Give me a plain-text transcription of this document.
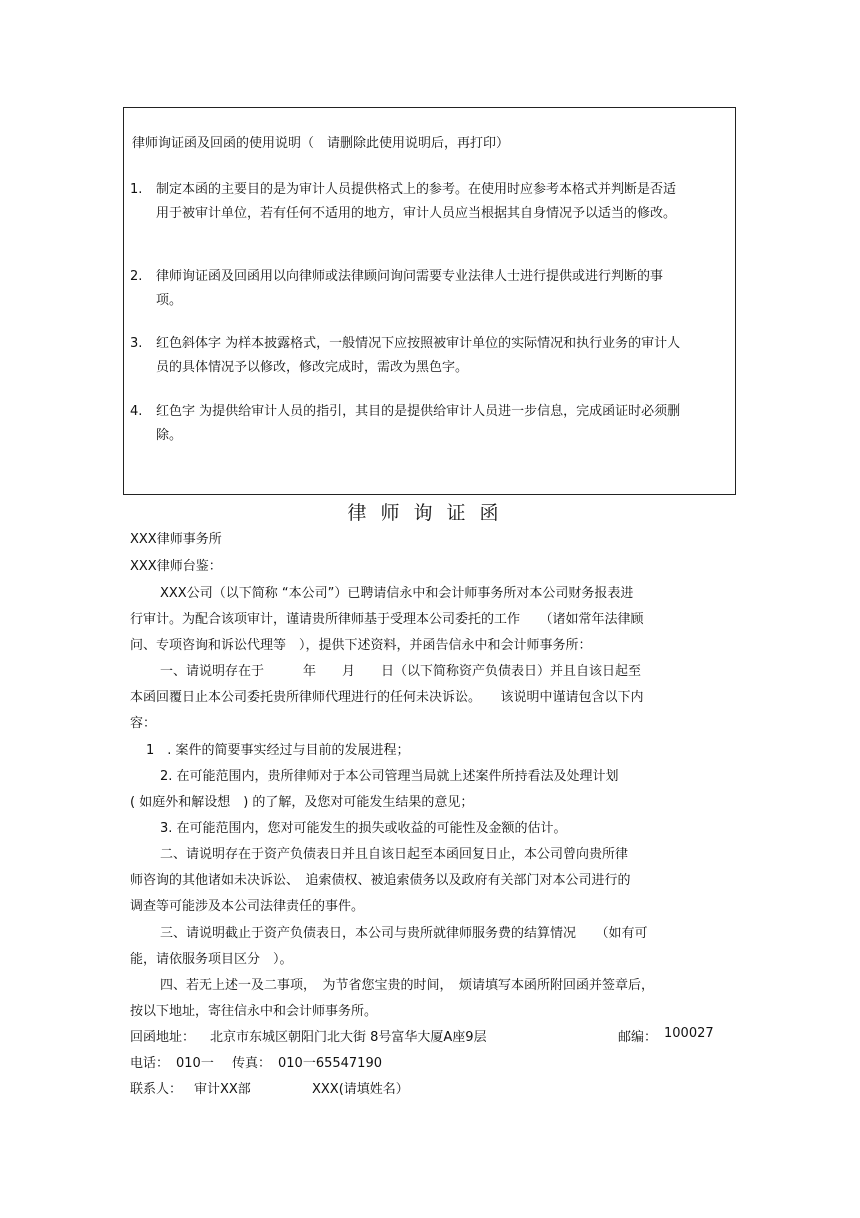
律师询证函及回函的使用说明（　请删除此使用说明后，再打印）
1. 制定本函的主要目的是为审计人员提供格式上的参考。在使用时应参考本格式并判断是否适用于被审计单位，若有任何不适用的地方，审计人员应当根据其自身情况予以适当的修改。
2. 律师询证函及回函用以向律师或法律顾问询问需要专业法律人士进行提供或进行判断的事项。
3. 红色斜体字 为样本披露格式，一般情况下应按照被审计单位的实际情况和执行业务的审计人员的具体情况予以修改，修改完成时，需改为黑色字。
4. 红色字 为提供给审计人员的指引，其目的是提供给审计人员进一步信息，完成函证时必须删除。
律师询证函
XXX律师事务所
XXX律师台鉴：
XXX公司（以下简称 “本公司”）已聘请信永中和会计师事务所对本公司财务报表进
行审计。为配合该项审计，谨请贵所律师基于受理本公司委托的工作　　（诸如常年法律顾
问、专项咨询和诉讼代理等　），提供下述资料，并函告信永中和会计师事务所：
一、请说明存在于　　　年　　月　　日（以下简称资产负债表日）并且自该日起至
本函回覆日止本公司委托贵所律师代理进行的任何未决诉讼。　　该说明中谨请包含以下内
容：
1　. 案件的简要事实经过与目前的发展进程；
2. 在可能范围内，贵所律师对于本公司管理当局就上述案件所持看法及处理计划
( 如庭外和解设想　) 的了解，及您对可能发生结果的意见；
3. 在可能范围内，您对可能发生的损失或收益的可能性及金额的估计。
二、请说明存在于资产负债表日并且自该日起至本函回复日止，本公司曾向贵所律
师咨询的其他诸如未决诉讼、　追索债权、被追索债务以及政府有关部门对本公司进行的
调查等可能涉及本公司法律责任的事件。
三、请说明截止于资产负债表日，本公司与贵所就律师服务费的结算情况　　（如有可
能，请依服务项目区分　）。
四、若无上述一及二事项，　为节省您宝贵的时间，　烦请填写本函所附回函并签章后，
按以下地址，寄往信永中和会计师事务所。
回函地址： 北京市东城区朝阳门北大街 8号富华大厦A座9层	邮编： 100027
电话： 010一 传真： 010一65547190
联系人： 审计XX部	XXX(请填姓名）
